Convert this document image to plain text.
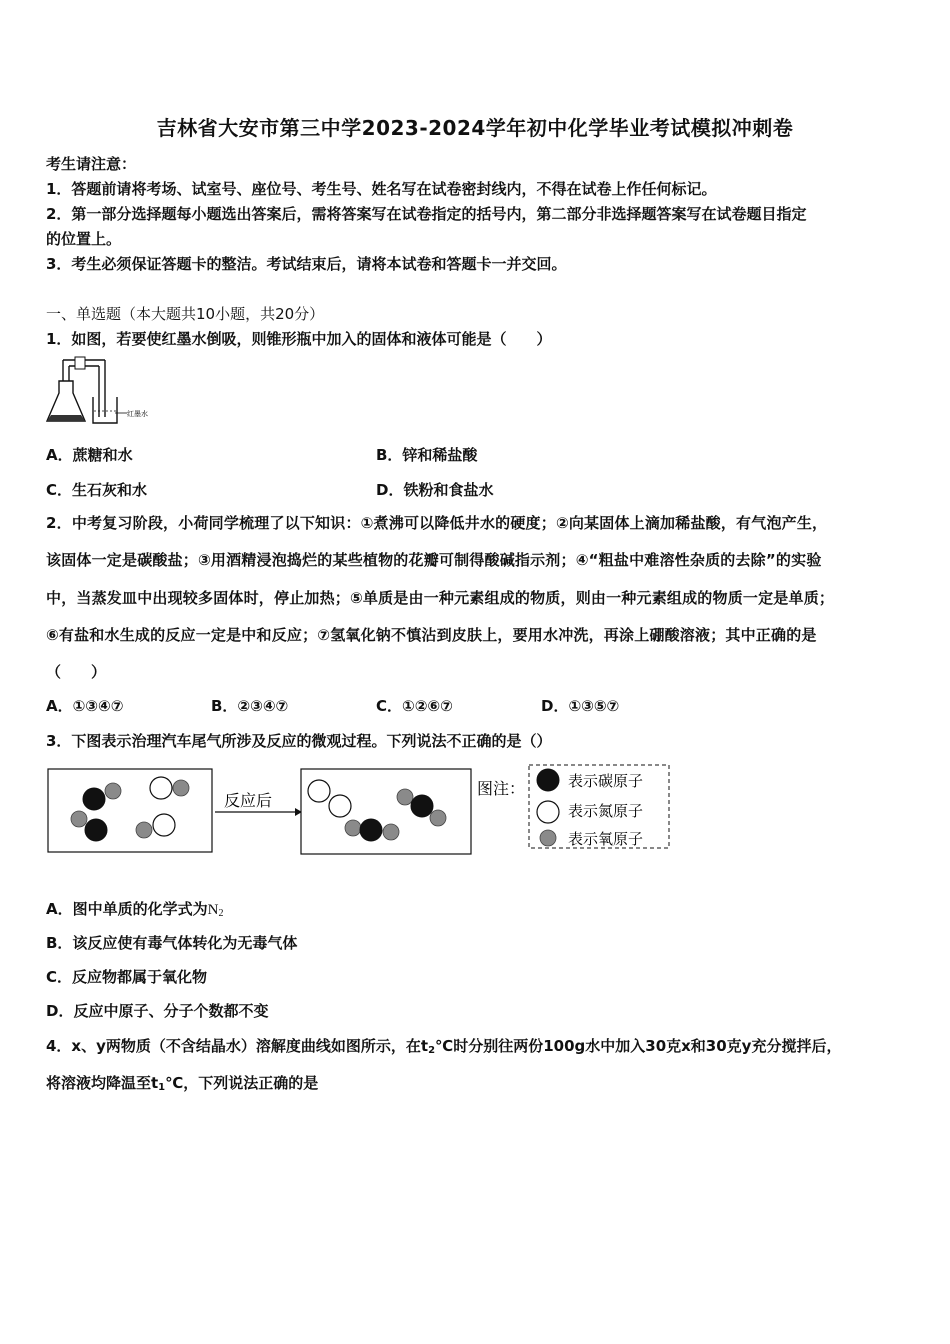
吉林省大安市第三中学2023-2024学年初中化学毕业考试模拟冲刺卷
考生请注意：
1．答题前请将考场、试室号、座位号、考生号、姓名写在试卷密封线内，不得在试卷上作任何标记。
2．第一部分选择题每小题选出答案后，需将答案写在试卷指定的括号内，第二部分非选择题答案写在试卷题目指定
的位置上。
3．考生必须保证答题卡的整洁。考试结束后，请将本试卷和答题卡一并交回。
一、单选题（本大题共10小题，共20分）
1．如图，若要使红墨水倒吸，则锥形瓶中加入的固体和液体可能是（　　）
红墨水
A．蔗糖和水	B．锌和稀盐酸
C．生石灰和水	D．铁粉和食盐水
2．中考复习阶段，小荷同学梳理了以下知识：①煮沸可以降低井水的硬度；②向某固体上滴加稀盐酸，有气泡产生，
该固体一定是碳酸盐；③用酒精浸泡捣烂的某些植物的花瓣可制得酸碱指示剂；④“粗盐中难溶性杂质的去除”的实验
中，当蒸发皿中出现较多固体时，停止加热；⑤单质是由一种元素组成的物质，则由一种元素组成的物质一定是单质；
⑥有盐和水生成的反应一定是中和反应；⑦氢氧化钠不慎沾到皮肤上，要用水冲洗，再涂上硼酸溶液；其中正确的是
（　　）
A．①③④⑦	B．②③④⑦	C．①②⑥⑦	D．①③⑤⑦
3．下图表示治理汽车尾气所涉及反应的微观过程。下列说法不正确的是（）
反应后
图注：	表示碳原子
表示氮原子
表示氧原子
A．图中单质的化学式为$N_2$
B．该反应使有毒气体转化为无毒气体
C．反应物都属于氧化物
D．反应中原子、分子个数都不变
4．x、y两物质（不含结晶水）溶解度曲线如图所示，在$t_2℃$时分别往两份100g水中加入30克x和30克y充分搅拌后，
将溶液均降温至$t_1℃$，下列说法正确的是
